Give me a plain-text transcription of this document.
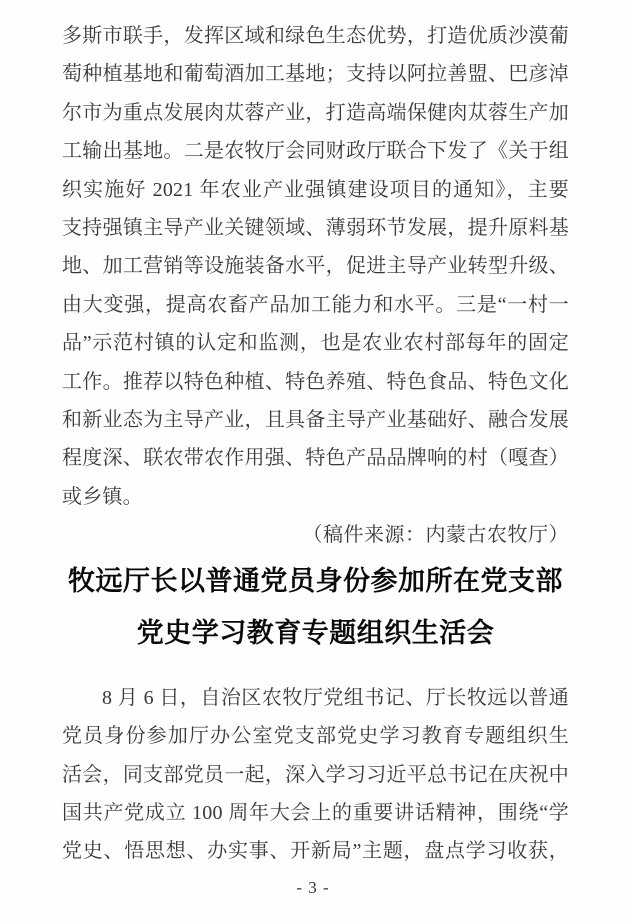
多斯市联手，发挥区域和绿色生态优势，打造优质沙漠葡
萄种植基地和葡萄酒加工基地；支持以阿拉善盟、巴彦淖
尔市为重点发展肉苁蓉产业，打造高端保健肉苁蓉生产加
工输出基地。二是农牧厅会同财政厅联合下发了《关于组
织实施好 2021 年农业产业强镇建设项目的通知》，主要
支持强镇主导产业关键领域、薄弱环节发展，提升原料基
地、加工营销等设施装备水平，促进主导产业转型升级、
由大变强，提高农畜产品加工能力和水平。三是“一村一
品”示范村镇的认定和监测，也是农业农村部每年的固定
工作。推荐以特色种植、特色养殖、特色食品、特色文化
和新业态为主导产业，且具备主导产业基础好、融合发展
程度深、联农带农作用强、特色产品品牌响的村（嘎查）
或乡镇。
（稿件来源：内蒙古农牧厅）
牧远厅长以普通党员身份参加所在党支部
党史学习教育专题组织生活会
8 月 6 日，自治区农牧厅党组书记、厅长牧远以普通
党员身份参加厅办公室党支部党史学习教育专题组织生
活会，同支部党员一起，深入学习习近平总书记在庆祝中
国共产党成立 100 周年大会上的重要讲话精神，围绕“学
党史、悟思想、办实事、开新局”主题，盘点学习收获，
- 3 -
